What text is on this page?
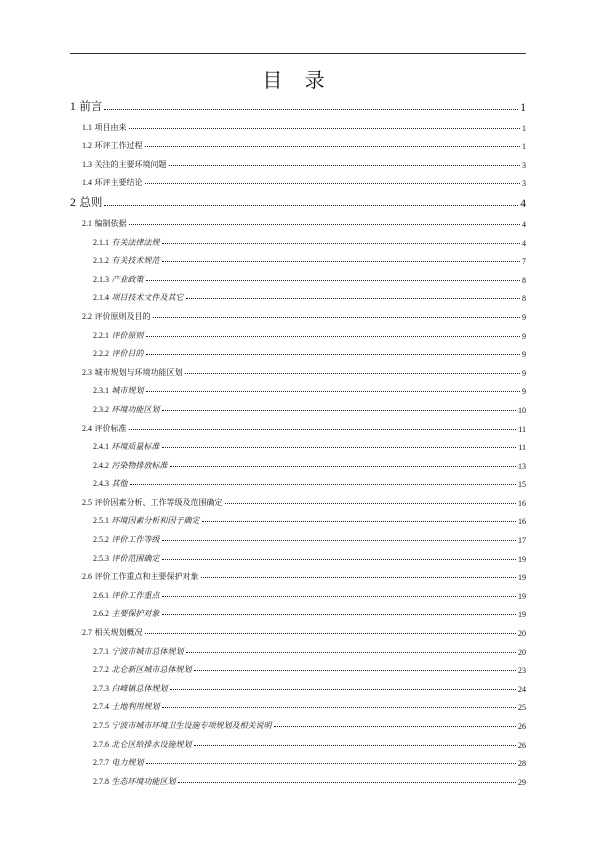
目 录
1 前言	1
1.1 项目由来	1
1.2 环评工作过程	1
1.3 关注的主要环境问题	3
1.4 环评主要结论	3
2 总则	4
2.1 编制依据	4
2.1.1 有关法律法规	4
2.1.2 有关技术规范	7
2.1.3 产业政策	8
2.1.4 项目技术文件及其它	8
2.2 评价原则及目的	9
2.2.1 评价原则	9
2.2.2 评价目的	9
2.3 城市规划与环境功能区划	9
2.3.1 城市规划	9
2.3.2 环境功能区划	10
2.4 评价标准	11
2.4.1 环境质量标准	11
2.4.2 污染物排放标准	13
2.4.3 其他	15
2.5 评价因素分析、工作等级及范围确定	16
2.5.1 环境因素分析和因子确定	16
2.5.2 评价工作等级	17
2.5.3 评价范围确定	19
2.6 评价工作重点和主要保护对象	19
2.6.1 评价工作重点	19
2.6.2 主要保护对象	19
2.7 相关规划概况	20
2.7.1 宁波市城市总体规划	20
2.7.2 北仑新区城市总体规划	23
2.7.3 白峰镇总体规划	24
2.7.4 土地利用规划	25
2.7.5 宁波市城市环境卫生设施专项规划及相关说明	26
2.7.6 北仑区给排水设施规划	26
2.7.7 电力规划	28
2.7.8 生态环境功能区划	29
